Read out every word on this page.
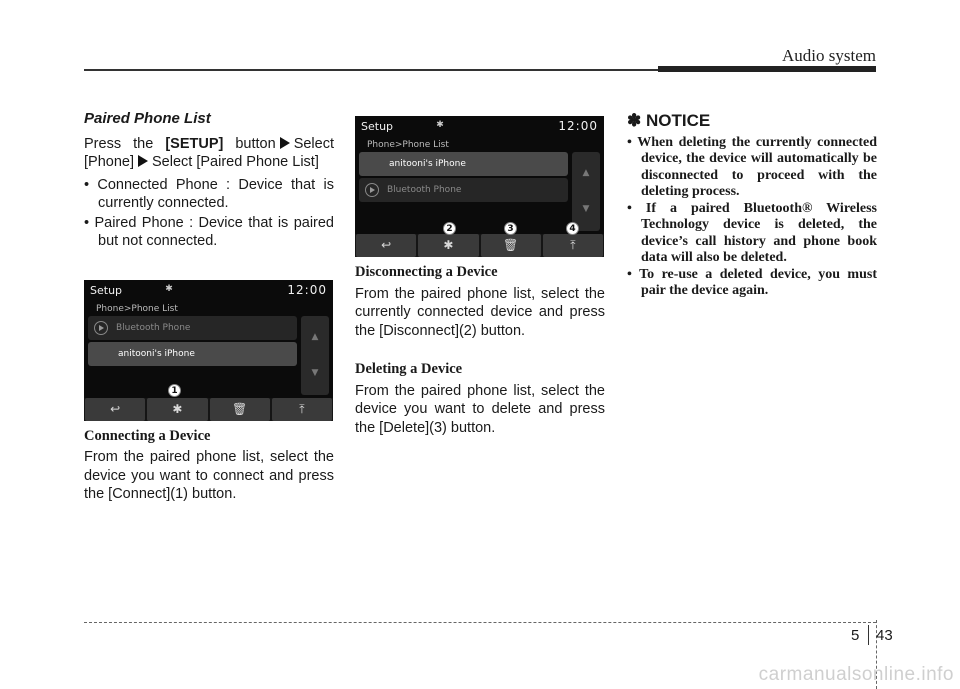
Audio system
Paired Phone List
Press the [SETUP] button Select [Phone] Select [Paired Phone List]
• Connected Phone : Device that is currently connected.
• Paired Phone : Device that is paired but not connected.
Setup	✱	12:00
Phone>Phone List
Bluetooth Phone
anitooni's iPhone
▲
▼
↩	✱	🗑	⤒
1
Connecting a Device
From the paired phone list, select the device you want to connect and press the [Connect](1) button.
Setup	✱	12:00
Phone>Phone List
anitooni's iPhone
Bluetooth Phone
▲
▼
↩	✱	🗑	⤒
2	3	4
Disconnecting a Device
From the paired phone list, select the currently connected device and press the [Disconnect](2) button.
Deleting a Device
From the paired phone list, select the device you want to delete and press the [Delete](3) button.
✽ NOTICE
• When deleting the currently connected device, the device will automatically be disconnected to proceed with the deleting process.
• If a paired Bluetooth® Wireless Technology device is deleted, the device’s call history and phone book data will also be deleted.
• To re-use a deleted device, you must pair the device again.
5 43
carmanualsonline.info
